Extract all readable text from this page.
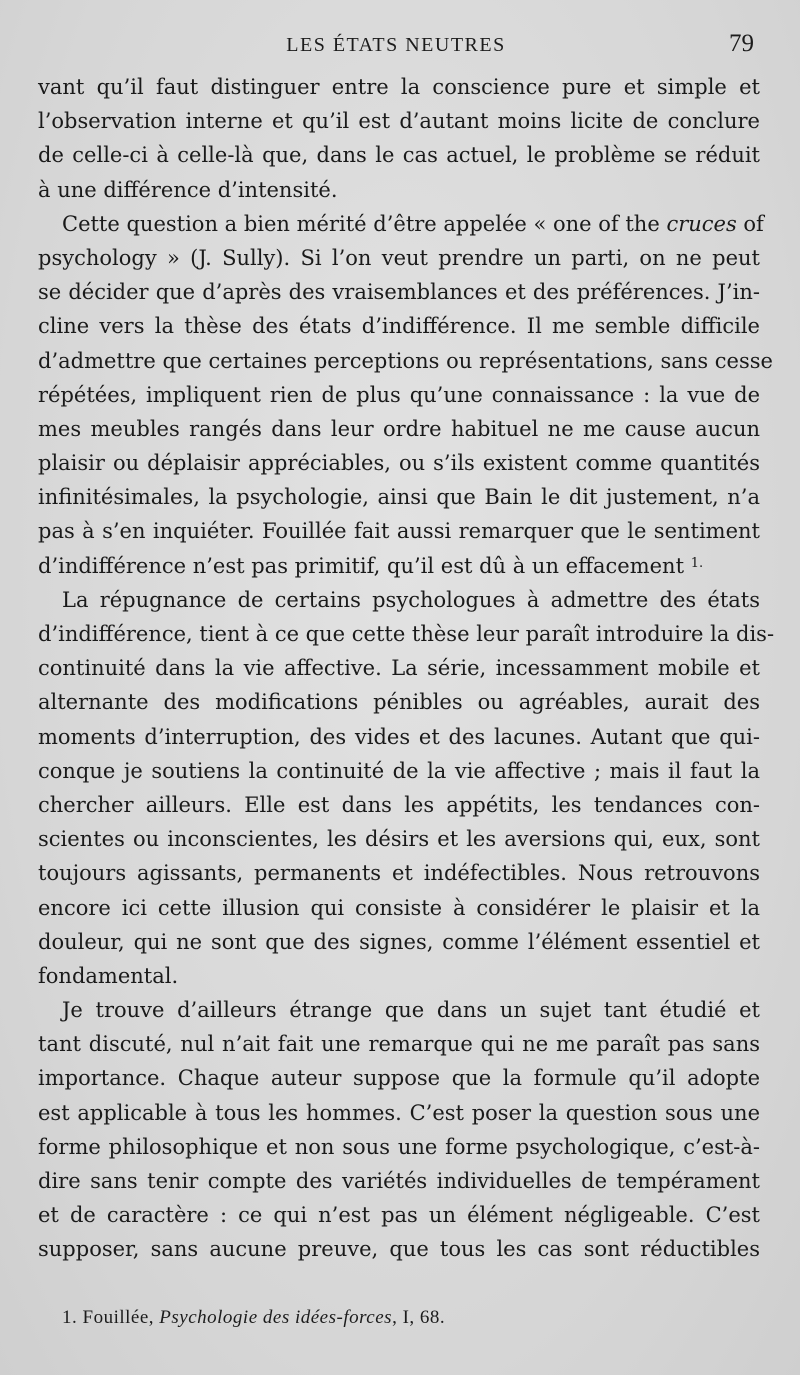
LES ÉTATS NEUTRES	79
vant qu’il faut distinguer entre la conscience pure et simple et
l’observation interne et qu’il est d’autant moins licite de conclure
de celle-ci à celle-là que, dans le cas actuel, le problème se réduit
à une différence d’intensité.
Cette question a bien mérité d’être appelée « one of the cruces of
psychology » (J. Sully). Si l’on veut prendre un parti, on ne peut
se décider que d’après des vraisemblances et des préférences. J’in-
cline vers la thèse des états d’indifférence. Il me semble difficile
d’admettre que certaines perceptions ou représentations, sans cesse
répétées, impliquent rien de plus qu’une connaissance : la vue de
mes meubles rangés dans leur ordre habituel ne me cause aucun
plaisir ou déplaisir appréciables, ou s’ils existent comme quantités
infinitésimales, la psychologie, ainsi que Bain le dit justement, n’a
pas à s’en inquiéter. Fouillée fait aussi remarquer que le sentiment
d’indifférence n’est pas primitif, qu’il est dû à un effacement $^{1.}$
La répugnance de certains psychologues à admettre des états
d’indifférence, tient à ce que cette thèse leur paraît introduire la dis-
continuité dans la vie affective. La série, incessamment mobile et
alternante des modifications pénibles ou agréables, aurait des
moments d’interruption, des vides et des lacunes. Autant que qui-
conque je soutiens la continuité de la vie affective ; mais il faut la
chercher ailleurs. Elle est dans les appétits, les tendances con-
scientes ou inconscientes, les désirs et les aversions qui, eux, sont
toujours agissants, permanents et indéfectibles. Nous retrouvons
encore ici cette illusion qui consiste à considérer le plaisir et la
douleur, qui ne sont que des signes, comme l’élément essentiel et
fondamental.
Je trouve d’ailleurs étrange que dans un sujet tant étudié et
tant discuté, nul n’ait fait une remarque qui ne me paraît pas sans
importance. Chaque auteur suppose que la formule qu’il adopte
est applicable à tous les hommes. C’est poser la question sous une
forme philosophique et non sous une forme psychologique, c’est-à-
dire sans tenir compte des variétés individuelles de tempérament
et de caractère : ce qui n’est pas un élément négligeable. C’est
supposer, sans aucune preuve, que tous les cas sont réductibles
1. Fouillée, Psychologie des idées-forces, I, 68.
